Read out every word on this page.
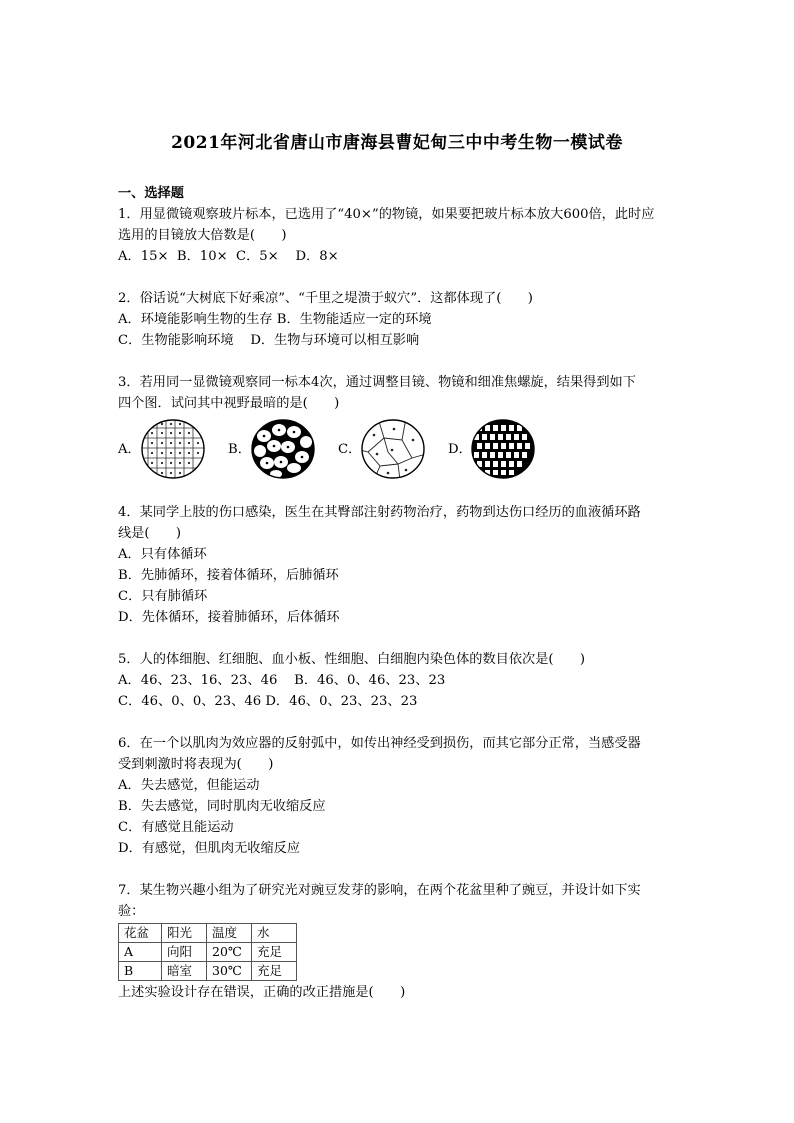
2021年河北省唐山市唐海县曹妃甸三中中考生物一模试卷
一、选择题
1．用显微镜观察玻片标本，已选用了“40×”的物镜，如果要把玻片标本放大600倍，此时应
选用的目镜放大倍数是(　　)
A．15×  B．10×  C．5×    D．8×
2．俗话说“大树底下好乘凉”、“千里之堤溃于蚁穴”．这都体现了(　　)
A．环境能影响生物的生存 B．生物能适应一定的环境
C．生物能影响环境    D．生物与环境可以相互影响
3．若用同一显微镜观察同一标本4次，通过调整目镜、物镜和细准焦螺旋，结果得到如下
四个图．试问其中视野最暗的是(　　)
A．	B．	C．	D．
4．某同学上肢的伤口感染，医生在其臀部注射药物治疗，药物到达伤口经历的血液循环路
线是(　　)
A．只有体循环
B．先肺循环，接着体循环，后肺循环
C．只有肺循环
D．先体循环，接着肺循环，后体循环
5．人的体细胞、红细胞、血小板、性细胞、白细胞内染色体的数目依次是(　　)
A．46、23、16、23、46    B．46、0、46、23、23
C．46、0、0、23、46 D．46、0、23、23、23
6．在一个以肌肉为效应器的反射弧中，如传出神经受到损伤，而其它部分正常，当感受器
受到刺激时将表现为(　　)
A．失去感觉，但能运动
B．失去感觉，同时肌肉无收缩反应
C．有感觉且能运动
D．有感觉，但肌肉无收缩反应
7．某生物兴趣小组为了研究光对豌豆发芽的影响，在两个花盆里种了豌豆，并设计如下实
验：
花盆	阳光	温度	水
A	向阳	20℃	充足
B	暗室	30℃	充足
上述实验设计存在错误，正确的改正措施是(　　)
